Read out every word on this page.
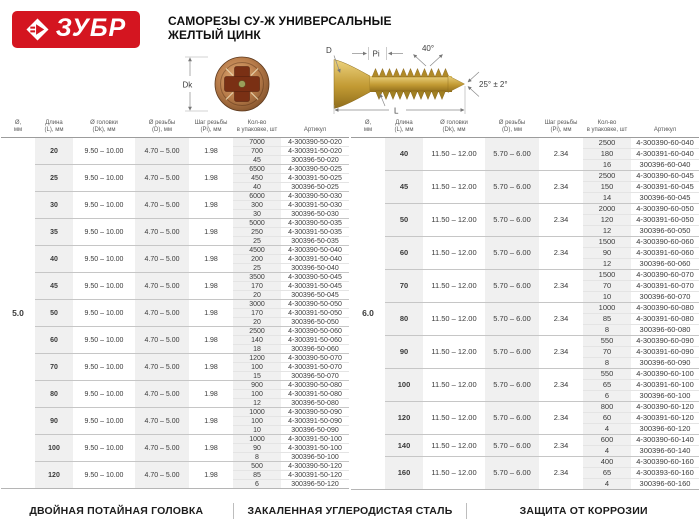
ЗУБР	САМОРЕЗЫ СУ-Ж УНИВЕРСАЛЬНЫЕ
ЖЕЛТЫЙ ЦИНК
Dk
D	Pi
40°
25° ± 2°
L
Ø,
мм

Длина
(L), мм

Ø головки
(Dk), мм

Ø резьбы
(D), мм

Шаг резьбы
(Pi), мм

Кол-во
в упаковке, шт	Артикул

5.0	20	9.50 – 10.00	4.70 – 5.00	1.98	7000	4-300390-50-020
					700	4-300391-50-020
					45	300396-50-020
	25	9.50 – 10.00	4.70 – 5.00	1.98	6500	4-300390-50-025
					450	4-300391-50-025
					40	300396-50-025
	30	9.50 – 10.00	4.70 – 5.00	1.98	6000	4-300390-50-030
					300	4-300391-50-030
					30	300396-50-030
	35	9.50 – 10.00	4.70 – 5.00	1.98	5000	4-300390-50-035
					250	4-300391-50-035
					25	300396-50-035
	40	9.50 – 10.00	4.70 – 5.00	1.98	4500	4-300390-50-040
					200	4-300391-50-040
					25	300396-50-040
	45	9.50 – 10.00	4.70 – 5.00	1.98	3500	4-300390-50-045
					170	4-300391-50-045
					20	300396-50-045
	50	9.50 – 10.00	4.70 – 5.00	1.98	3000	4-300390-50-050
					170	4-300391-50-050
					20	300396-50-050
	60	9.50 – 10.00	4.70 – 5.00	1.98	2500	4-300390-50-060
					140	4-300391-50-060
					18	300396-50-060
	70	9.50 – 10.00	4.70 – 5.00	1.98	1200	4-300390-50-070
					100	4-300391-50-070
					15	300396-50-070
	80	9.50 – 10.00	4.70 – 5.00	1.98	900	4-300390-50-080
					100	4-300391-50-080
					12	300396-50-080
	90	9.50 – 10.00	4.70 – 5.00	1.98	1000	4-300390-50-090
					100	4-300391-50-090
					10	300396-50-090
	100	9.50 – 10.00	4.70 – 5.00	1.98	1000	4-300391-50-100
					90	4-300391-50-100
					8	300396-50-100
	120	9.50 – 10.00	4.70 – 5.00	1.98	500	4-300390-50-120
					85	4-300391-50-120
					6	300396-50-120
Ø,
мм

Длина
(L), мм

Ø головки
(Dk), мм

Ø резьбы
(D), мм

Шаг резьбы
(Pi), мм

Кол-во
в упаковке, шт	Артикул

6.0	40	11.50 – 12.00	5.70 – 6.00	2.34	2500	4-300390-60-040
					180	4-300391-60-040
					16	300396-60-040
	45	11.50 – 12.00	5.70 – 6.00	2.34	2500	4-300390-60-045
					150	4-300391-60-045
					14	300396-60-045
	50	11.50 – 12.00	5.70 – 6.00	2.34	2000	4-300390-60-050
					120	4-300391-60-050
					12	300396-60-050
	60	11.50 – 12.00	5.70 – 6.00	2.34	1500	4-300390-60-060
					90	4-300391-60-060
					12	300396-60-060
	70	11.50 – 12.00	5.70 – 6.00	2.34	1500	4-300390-60-070
					70	4-300391-60-070
					10	300396-60-070
	80	11.50 – 12.00	5.70 – 6.00	2.34	1000	4-300390-60-080
					85	4-300391-60-080
					8	300396-60-080
	90	11.50 – 12.00	5.70 – 6.00	2.34	550	4-300390-60-090
					70	4-300391-60-090
					8	300396-60-090
	100	11.50 – 12.00	5.70 – 6.00	2.34	550	4-300390-60-100
					65	4-300391-60-100
					6	300396-60-100
	120	11.50 – 12.00	5.70 – 6.00	2.34	800	4-300390-60-120
					60	4-300391-60-120
					4	300396-60-120
	140	11.50 – 12.00	5.70 – 6.00	2.34	600	4-300390-60-140
					4	300396-60-140
	160	11.50 – 12.00	5.70 – 6.00	2.34	400	4-300390-60-160
					65	4-300393-60-160
					4	300396-60-160
ДВОЙНАЯ ПОТАЙНАЯ ГОЛОВКА	ЗАКАЛЕННАЯ УГЛЕРОДИСТАЯ СТАЛЬ	ЗАЩИТА ОТ КОРРОЗИИ
